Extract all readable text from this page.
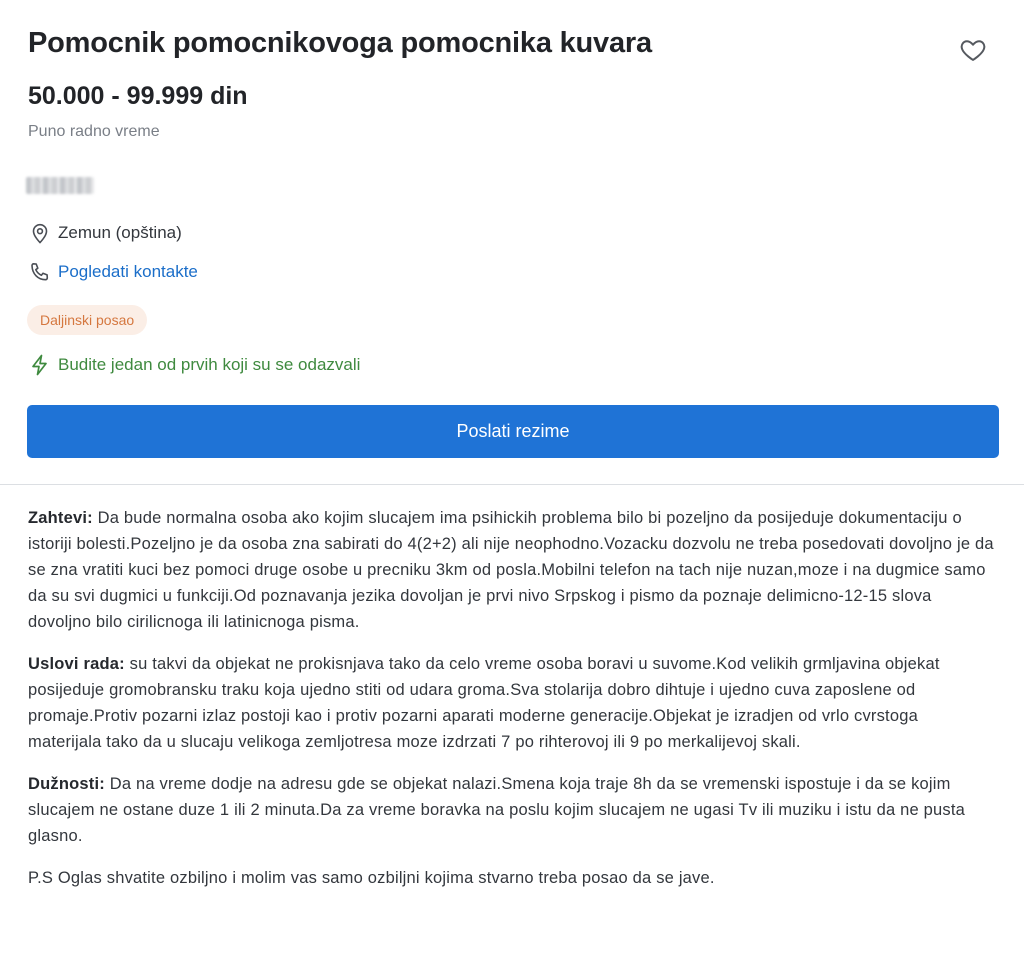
Pomocnik pomocnikovoga pomocnika kuvara
50.000 - 99.999 din
Puno radno vreme
Zemun (opština)
Pogledati kontakte
Daljinski posao
Budite jedan od prvih koji su se odazvali
Poslati rezime

Zahtevi: Da bude normalna osoba ako kojim slucajem ima psihickih problema bilo bi pozeljno da posijeduje dokumentaciju o istoriji bolesti.Pozeljno je da osoba zna sabirati do 4(2+2) ali nije neophodno.Vozacku dozvolu ne treba posedovati dovoljno je da se zna vratiti kuci bez pomoci druge osobe u precniku 3km od posla.Mobilni telefon na tach nije nuzan,moze i na dugmice samo da su svi dugmici u funkciji.Od poznavanja jezika dovoljan je prvi nivo Srpskog i pismo da poznaje delimicno-12-15 slova dovoljno bilo cirilicnoga ili latinicnoga pisma.

Uslovi rada: su takvi da objekat ne prokisnjava tako da celo vreme osoba boravi u suvome.Kod velikih grmljavina objekat posijeduje gromobransku traku koja ujedno stiti od udara groma.Sva stolarija dobro dihtuje i ujedno cuva zaposlene od promaje.Protiv pozarni izlaz postoji kao i protiv pozarni aparati moderne generacije.Objekat je izradjen od vrlo cvrstoga materijala tako da u slucaju velikoga zemljotresa moze izdrzati 7 po rihterovoj ili 9 po merkalijevoj skali.

Dužnosti: Da na vreme dodje na adresu gde se objekat nalazi.Smena koja traje 8h da se vremenski ispostuje i da se kojim slucajem ne ostane duze 1 ili 2 minuta.Da za vreme boravka na poslu kojim slucajem ne ugasi Tv ili muziku i istu da ne pusta glasno.

P.S Oglas shvatite ozbiljno i molim vas samo ozbiljni kojima stvarno treba posao da se jave.
